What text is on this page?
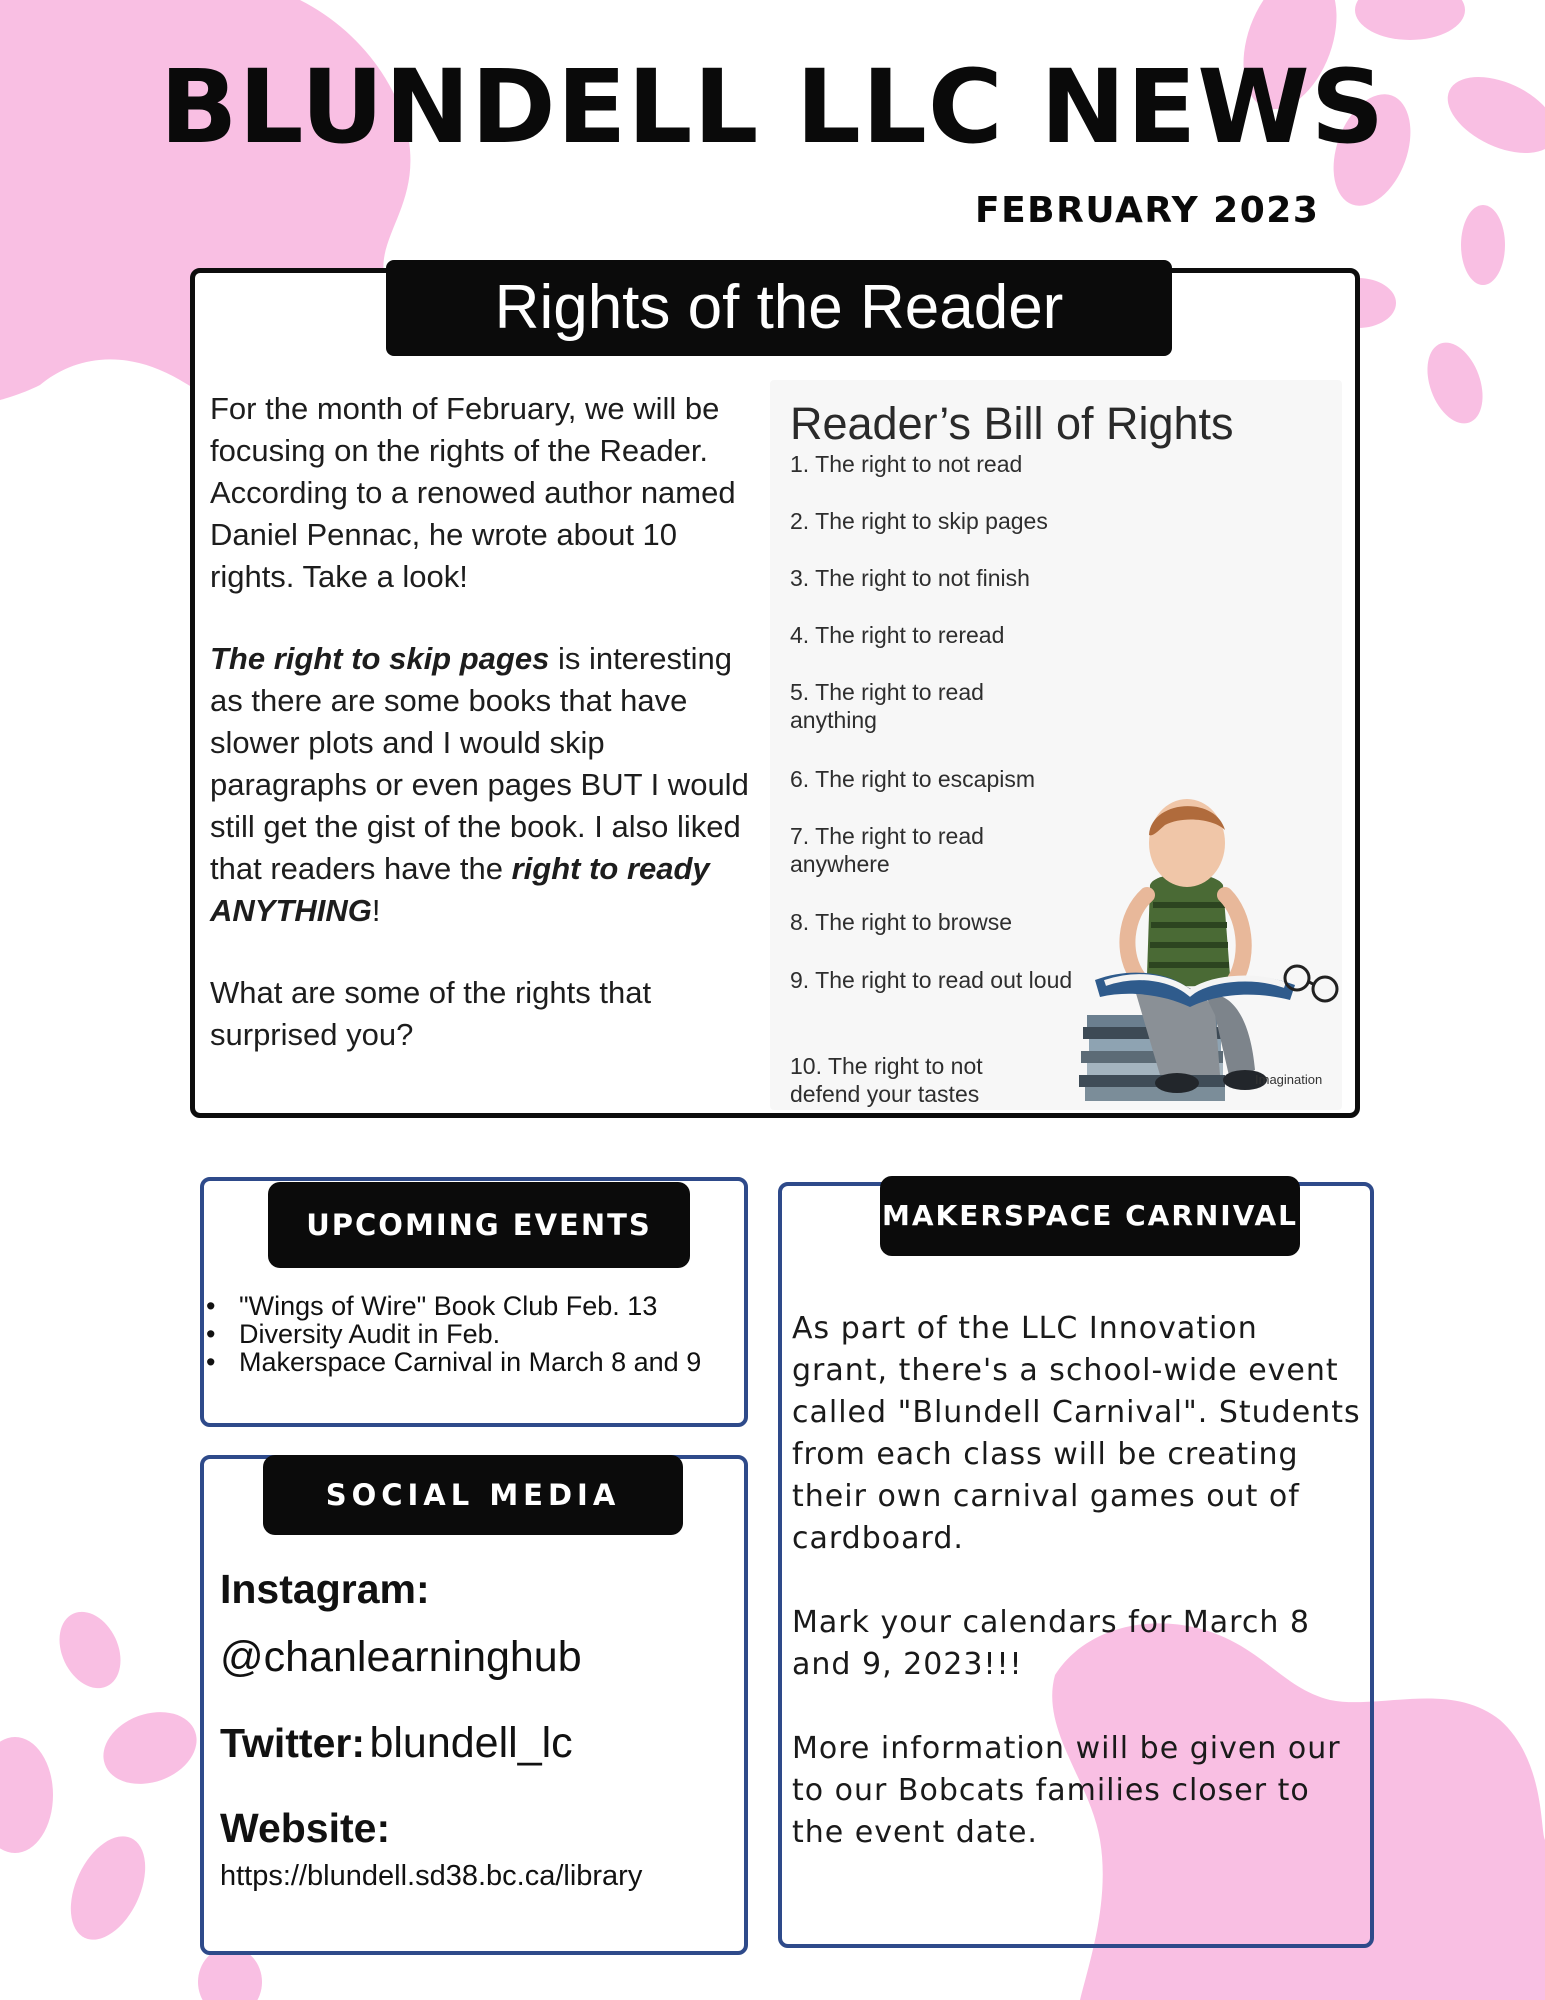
BLUNDELL LLC NEWS
FEBRUARY 2023
Rights of the Reader

For the month of February, we will be focusing on the rights of the Reader. According to a renowed author named Daniel Pennac, he wrote about 10 rights. Take a look!

The right to skip pages is interesting as there are some books that have slower plots and I would skip paragraphs or even pages BUT I would still get the gist of the book. I also liked that readers have the right to ready ANYTHING!

What are some of the rights that surprised you?

Reader’s Bill of Rights
1. The right to not read
2. The right to skip pages
3. The right to not finish
4. The right to reread
5. The right to read anything
6. The right to escapism
7. The right to read anywhere
8. The right to browse
9. The right to read out loud
10. The right to not defend your tastes
Imagination
UPCOMING EVENTS
• "Wings of Wire" Book Club Feb. 13
• Diversity Audit in Feb.
• Makerspace Carnival in March 8 and 9
SOCIAL MEDIA
Instagram:
@chanlearninghub
Twitter: blundell_lc
Website:
https://blundell.sd38.bc.ca/library
MAKERSPACE CARNIVAL

As part of the LLC Innovation grant, there's a school-wide event called "Blundell Carnival". Students from each class will be creating their own carnival games out of cardboard.

Mark your calendars for March 8 and 9, 2023!!!

More information will be given our to our Bobcats families closer to the event date.
